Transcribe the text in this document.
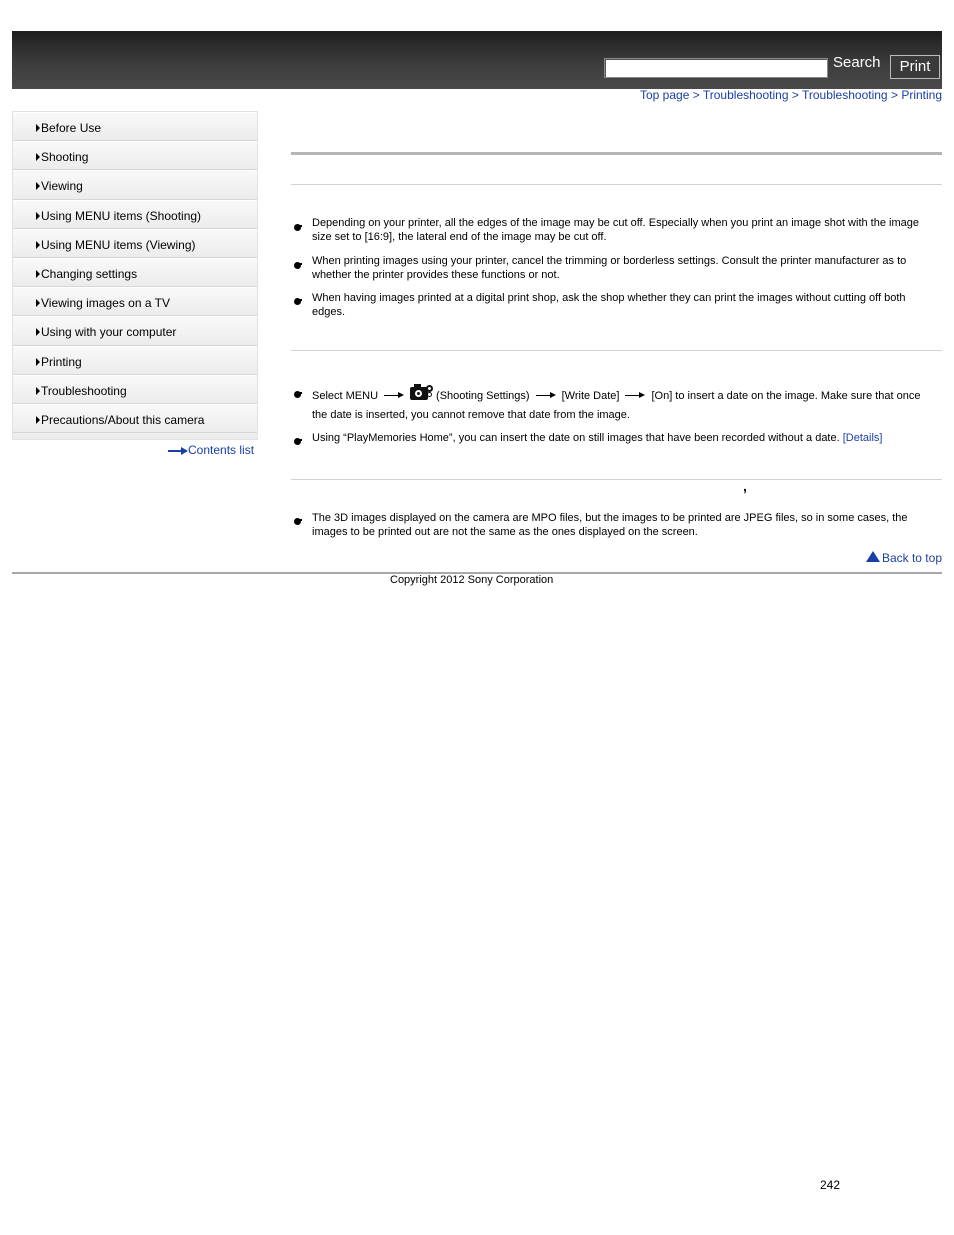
Search	Print
Top page > Troubleshooting > Troubleshooting > Printing
Before Use
Shooting
Viewing
Using MENU items (Shooting)
Using MENU items (Viewing)
Changing settings
Viewing images on a TV
Using with your computer
Printing
Troubleshooting
Precautions/About this camera
Contents list
Depending on your printer, all the edges of the image may be cut off. Especially when you print an image shot with the image size set to [16:9], the lateral end of the image may be cut off.
When printing images using your printer, cancel the trimming or borderless settings. Consult the printer manufacturer as to whether the printer provides these functions or not.
When having images printed at a digital print shop, ask the shop whether they can print the images without cutting off both edges.
Select MENU	(Shooting Settings)	[Write Date]	[On] to insert a date on the image. Make sure that once the date is inserted, you cannot remove that date from the image.
Using “PlayMemories Home”, you can insert the date on still images that have been recorded without a date. [Details]
,
The 3D images displayed on the camera are MPO files, but the images to be printed are JPEG files, so in some cases, the images to be printed out are not the same as the ones displayed on the screen.
Back to top
Copyright 2012 Sony Corporation
242
